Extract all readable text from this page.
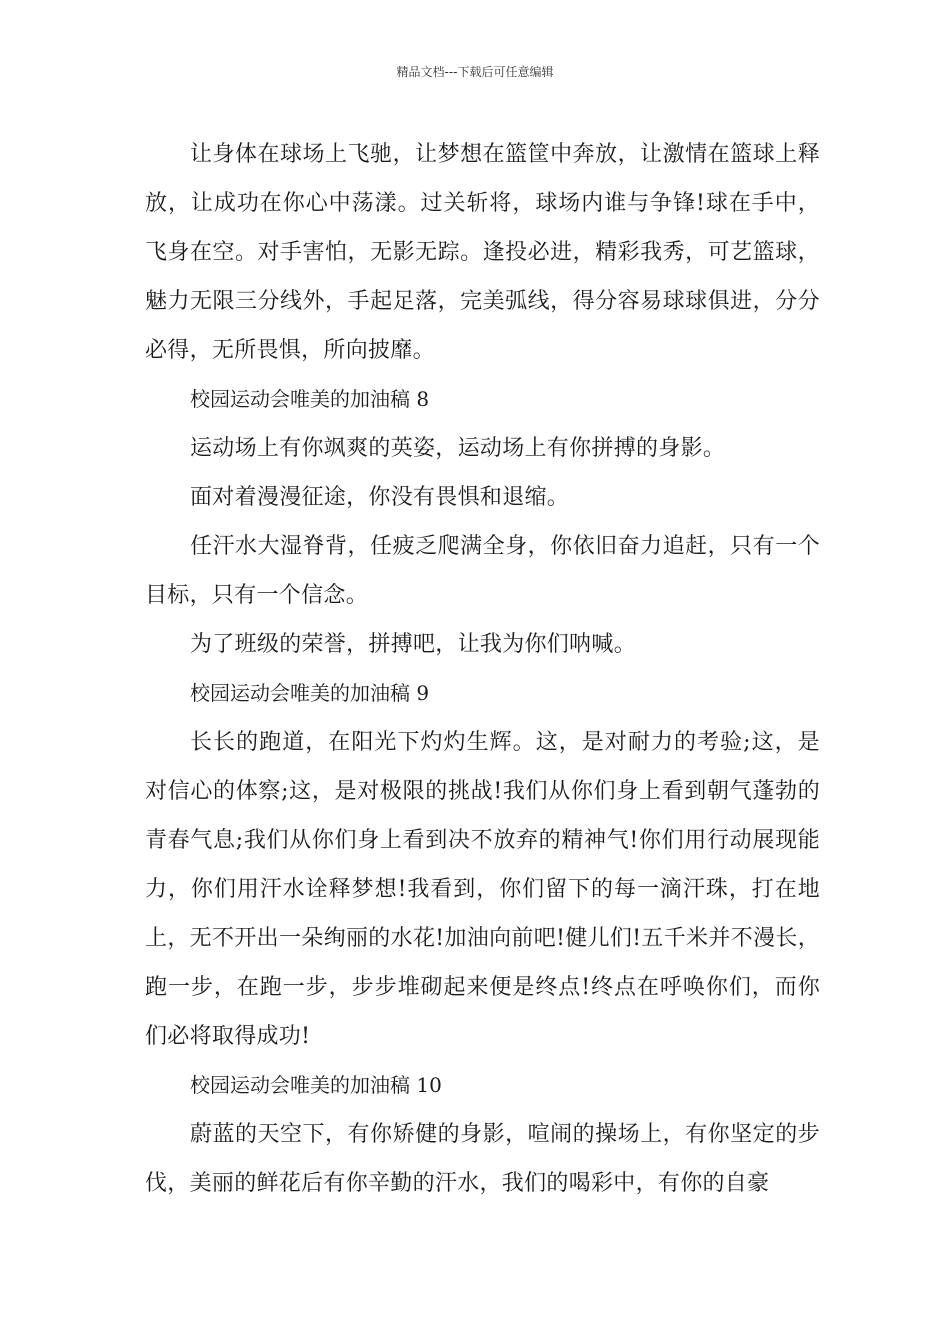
精品文档---下载后可任意编辑

让身体在球场上飞驰，让梦想在篮筐中奔放，让激情在篮球上释放，让成功在你心中荡漾。过关斩将，球场内谁与争锋!球在手中，飞身在空。对手害怕，无影无踪。逢投必进，精彩我秀，可艺篮球，魅力无限三分线外，手起足落，完美弧线，得分容易球球俱进，分分必得，无所畏惧，所向披靡。

校园运动会唯美的加油稿 8

运动场上有你飒爽的英姿，运动场上有你拼搏的身影。

面对着漫漫征途，你没有畏惧和退缩。

任汗水大湿脊背，任疲乏爬满全身，你依旧奋力追赶，只有一个目标，只有一个信念。

为了班级的荣誉，拼搏吧，让我为你们呐喊。

校园运动会唯美的加油稿 9

长长的跑道，在阳光下灼灼生辉。这，是对耐力的考验;这，是对信心的体察;这，是对极限的挑战!我们从你们身上看到朝气蓬勃的青春气息;我们从你们身上看到决不放弃的精神气!你们用行动展现能力，你们用汗水诠释梦想!我看到，你们留下的每一滴汗珠，打在地上，无不开出一朵绚丽的水花!加油向前吧!健儿们!五千米并不漫长，跑一步，在跑一步，步步堆砌起来便是终点!终点在呼唤你们，而你们必将取得成功!

校园运动会唯美的加油稿 10

蔚蓝的天空下，有你矫健的身影，喧闹的操场上，有你坚定的步伐，美丽的鲜花后有你辛勤的汗水，我们的喝彩中，有你的自豪
